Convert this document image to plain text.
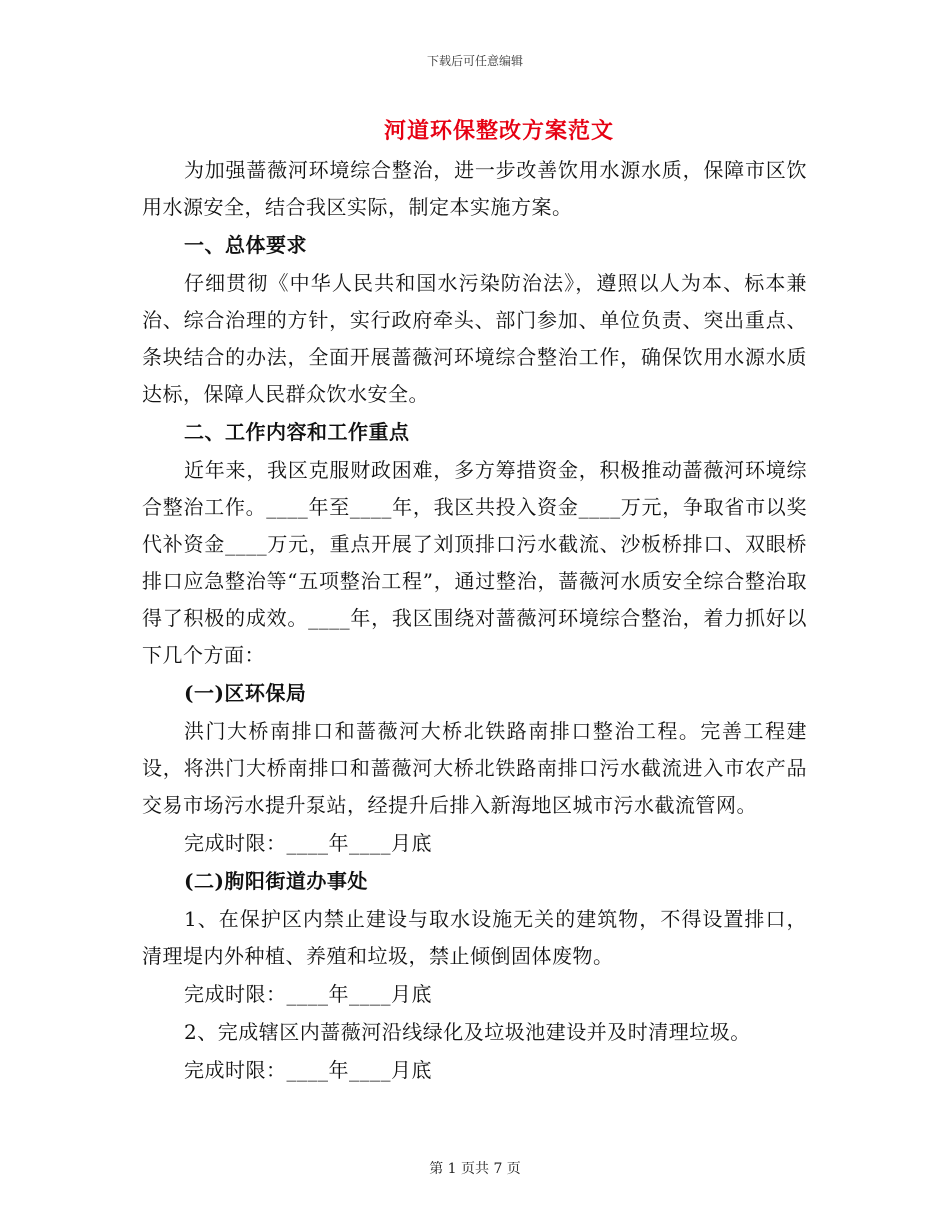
下载后可任意编辑
河道环保整改方案范文

为加强蔷薇河环境综合整治，进一步改善饮用水源水质，保障市区饮用水源安全，结合我区实际，制定本实施方案。

一、总体要求

仔细贯彻《中华人民共和国水污染防治法》，遵照以人为本、标本兼治、综合治理的方针，实行政府牵头、部门参加、单位负责、突出重点、条块结合的办法，全面开展蔷薇河环境综合整治工作，确保饮用水源水质达标，保障人民群众饮水安全。

二、工作内容和工作重点

近年来，我区克服财政困难，多方筹措资金，积极推动蔷薇河环境综合整治工作。____年至____年，我区共投入资金____万元，争取省市以奖代补资金____万元，重点开展了刘顶排口污水截流、沙板桥排口、双眼桥排口应急整治等“五项整治工程”，通过整治，蔷薇河水质安全综合整治取得了积极的成效。____年，我区围绕对蔷薇河环境综合整治，着力抓好以下几个方面：

(一)区环保局

洪门大桥南排口和蔷薇河大桥北铁路南排口整治工程。完善工程建设，将洪门大桥南排口和蔷薇河大桥北铁路南排口污水截流进入市农产品交易市场污水提升泵站，经提升后排入新海地区城市污水截流管网。

完成时限：____年____月底

(二)朐阳街道办事处

1、在保护区内禁止建设与取水设施无关的建筑物，不得设置排口，清理堤内外种植、养殖和垃圾，禁止倾倒固体废物。

完成时限：____年____月底

2、完成辖区内蔷薇河沿线绿化及垃圾池建设并及时清理垃圾。

完成时限：____年____月底

第 1 页共 7 页
